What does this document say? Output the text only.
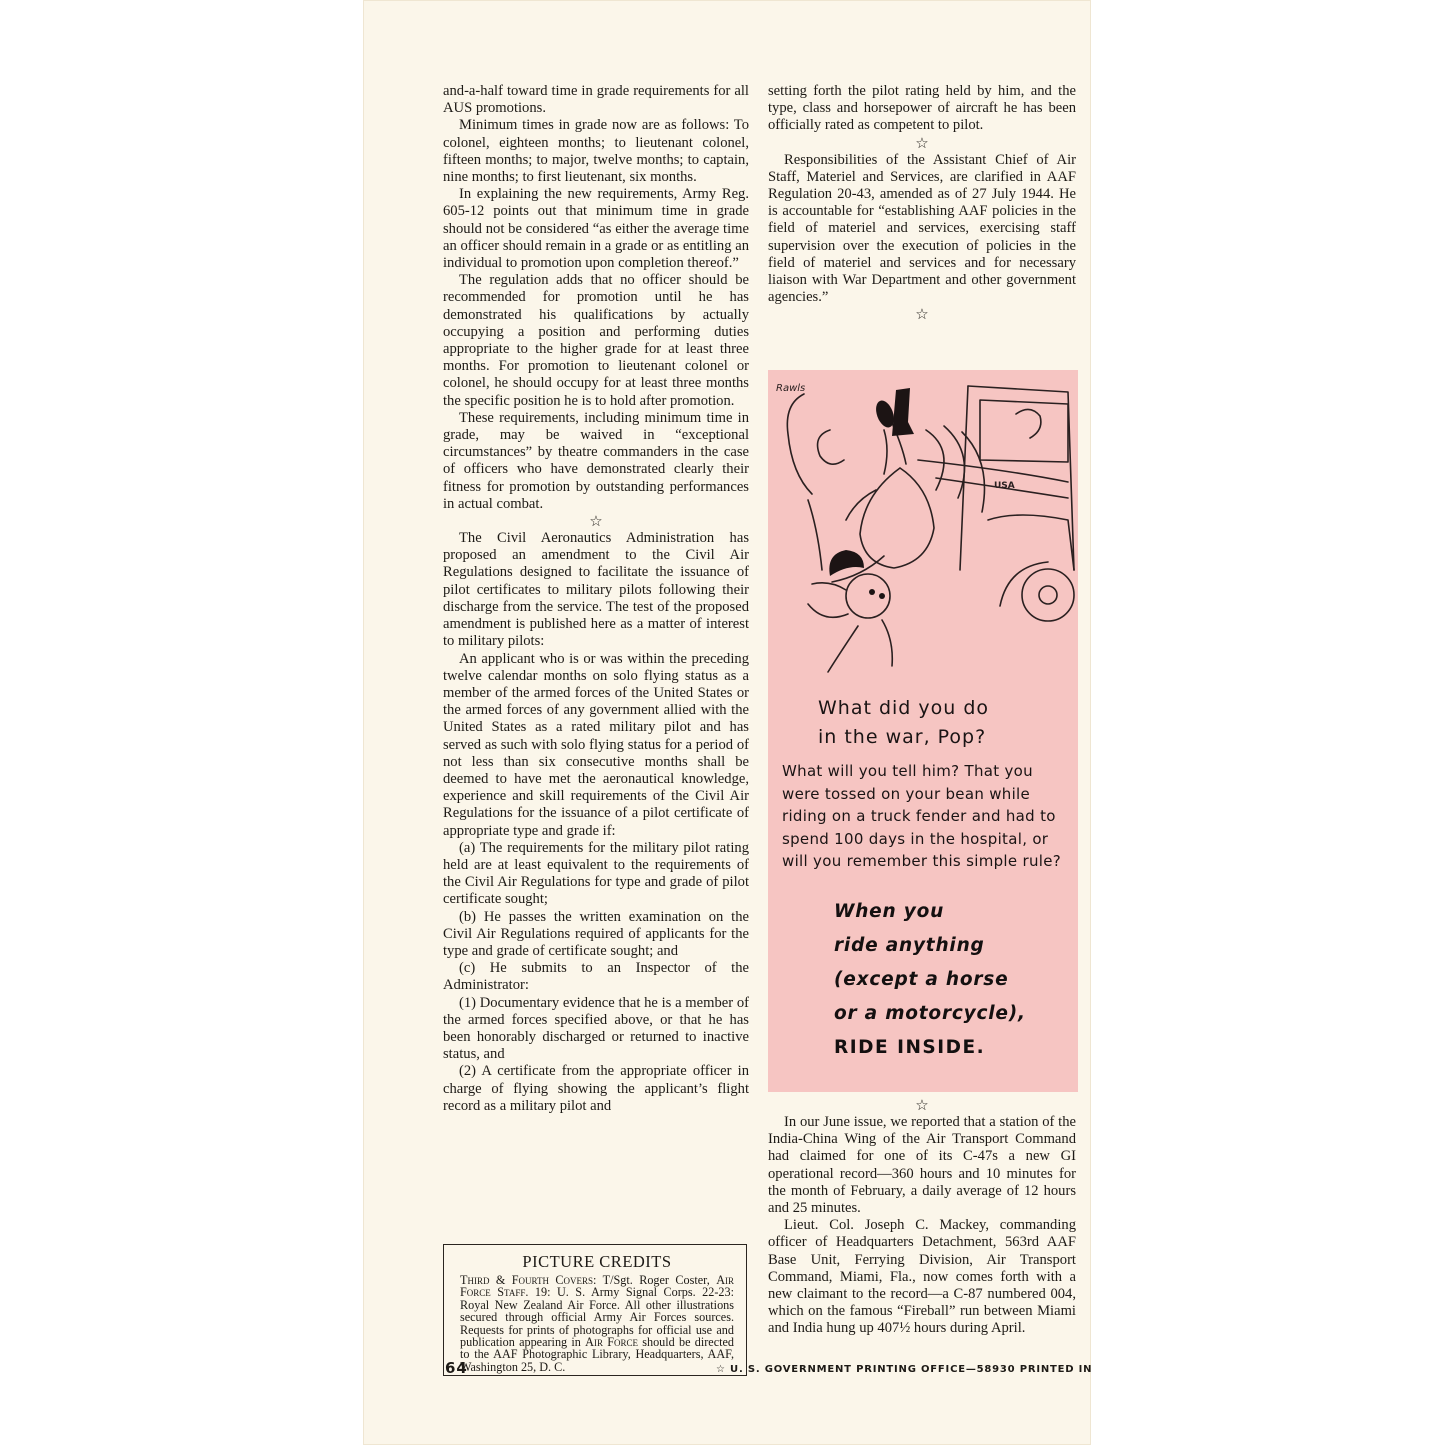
and-a-half toward time in grade requirements for all AUS promotions.

Minimum times in grade now are as follows: To colonel, eighteen months; to lieutenant colonel, fifteen months; to major, twelve months; to captain, nine months; to first lieutenant, six months.

In explaining the new requirements, Army Reg. 605-12 points out that minimum time in grade should not be considered “as either the average time an officer should remain in a grade or as entitling an individual to promotion upon completion thereof.”

The regulation adds that no officer should be recommended for promotion until he has demonstrated his qualifications by actually occupying a position and performing duties appropriate to the higher grade for at least three months. For promotion to lieutenant colonel or colonel, he should occupy for at least three months the specific position he is to hold after promotion.

These requirements, including minimum time in grade, may be waived in “exceptional circumstances” by theatre commanders in the case of officers who have demonstrated clearly their fitness for promotion by outstanding performances in actual combat.

☆

The Civil Aeronautics Administration has proposed an amendment to the Civil Air Regulations designed to facilitate the issuance of pilot certificates to military pilots following their discharge from the service. The test of the proposed amendment is published here as a matter of interest to military pilots:

An applicant who is or was within the preceding twelve calendar months on solo flying status as a member of the armed forces of the United States or the armed forces of any government allied with the United States as a rated military pilot and has served as such with solo flying status for a period of not less than six consecutive months shall be deemed to have met the aeronautical knowledge, experience and skill requirements of the Civil Air Regulations for the issuance of a pilot certificate of appropriate type and grade if:

(a) The requirements for the military pilot rating held are at least equivalent to the requirements of the Civil Air Regulations for type and grade of pilot certificate sought;

(b) He passes the written examination on the Civil Air Regulations required of applicants for the type and grade of certificate sought; and

(c) He submits to an Inspector of the Administrator:

(1) Documentary evidence that he is a member of the armed forces specified above, or that he has been honorably discharged or returned to inactive status, and

(2) A certificate from the appropriate officer in charge of flying showing the applicant’s flight record as a military pilot and

setting forth the pilot rating held by him, and the type, class and horsepower of aircraft he has been officially rated as competent to pilot.

☆

Responsibilities of the Assistant Chief of Air Staff, Materiel and Services, are clarified in AAF Regulation 20-43, amended as of 27 July 1944. He is accountable for “establishing AAF policies in the field of materiel and services, exercising staff supervision over the execution of policies in the field of materiel and services and for necessary liaison with War Department and other government agencies.”

☆
Rawls
USA
What did you do
in the war, Pop?
What will you tell him? That you were tossed on your bean while riding on a truck fender and had to spend 100 days in the hospital, or will you remember this simple rule?
When you
ride anything
(except a horse
or a motorcycle),
RIDE INSIDE.
☆

In our June issue, we reported that a station of the India-China Wing of the Air Transport Command had claimed for one of its C-47s a new GI operational record—360 hours and 10 minutes for the month of February, a daily average of 12 hours and 25 minutes.

Lieut. Col. Joseph C. Mackey, commanding officer of Headquarters Detachment, 563rd AAF Base Unit, Ferrying Division, Air Transport Command, Miami, Fla., now comes forth with a new claimant to the record—a C-87 numbered 004, which on the famous “Fireball” run between Miami and India hung up 407½ hours during April.

PICTURE CREDITS
Third & Fourth Covers: T/Sgt. Roger Coster, Air Force Staff. 19: U. S. Army Signal Corps. 22-23: Royal New Zealand Air Force. All other illustrations secured through official Army Air Forces sources. Requests for prints of photographs for official use and publication appearing in Air Force should be directed to the AAF Photographic Library, Headquarters, AAF, Washington 25, D. C.
64	☆ U. S. GOVERNMENT PRINTING OFFICE—58930 PRINTED IN
